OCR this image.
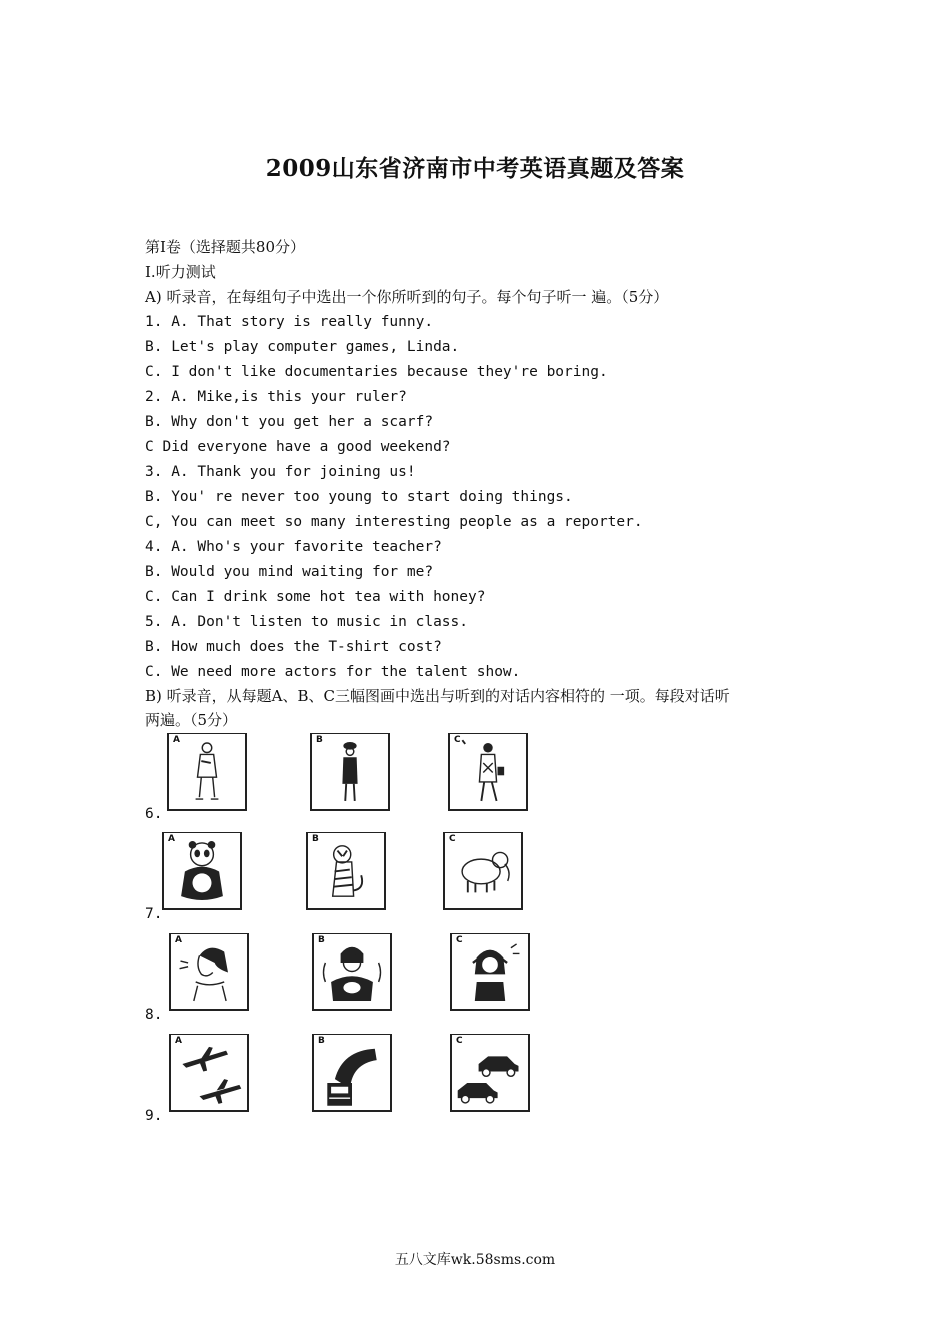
2009山东省济南市中考英语真题及答案
第Ⅰ卷（选择题共80分）
I.听力测试
A) 听录音，在每组句子中选出一个你所听到的句子。每个句子听一 遍。（5分）
1. A. That story is really funny.
B. Let's play computer games, Linda.
C. I don't like documentaries because they're boring.
2. A. Mike,is this your ruler?
B. Why don't you get her a scarf?
C Did everyone have a good weekend?
3. A. Thank you for joining us!
B. You' re never too young to start doing things.
C, You can meet so many interesting people as a reporter.
4. A. Who's your favorite teacher?
B. Would you mind waiting for me?
C. Can I drink some hot tea with honey?
5. A. Don't listen to music in class.
B. How much does the T-shirt cost?
C. We need more actors for the talent show.
B) 听录音，从每题A、B、C三幅图画中选出与听到的对话内容相符的 一项。每段对话听
两遍。（5分）
A	B	C
6.
A	B	C
7.
A	B	C
8.
A	B	C
9.
五八文库wk.58sms.com
